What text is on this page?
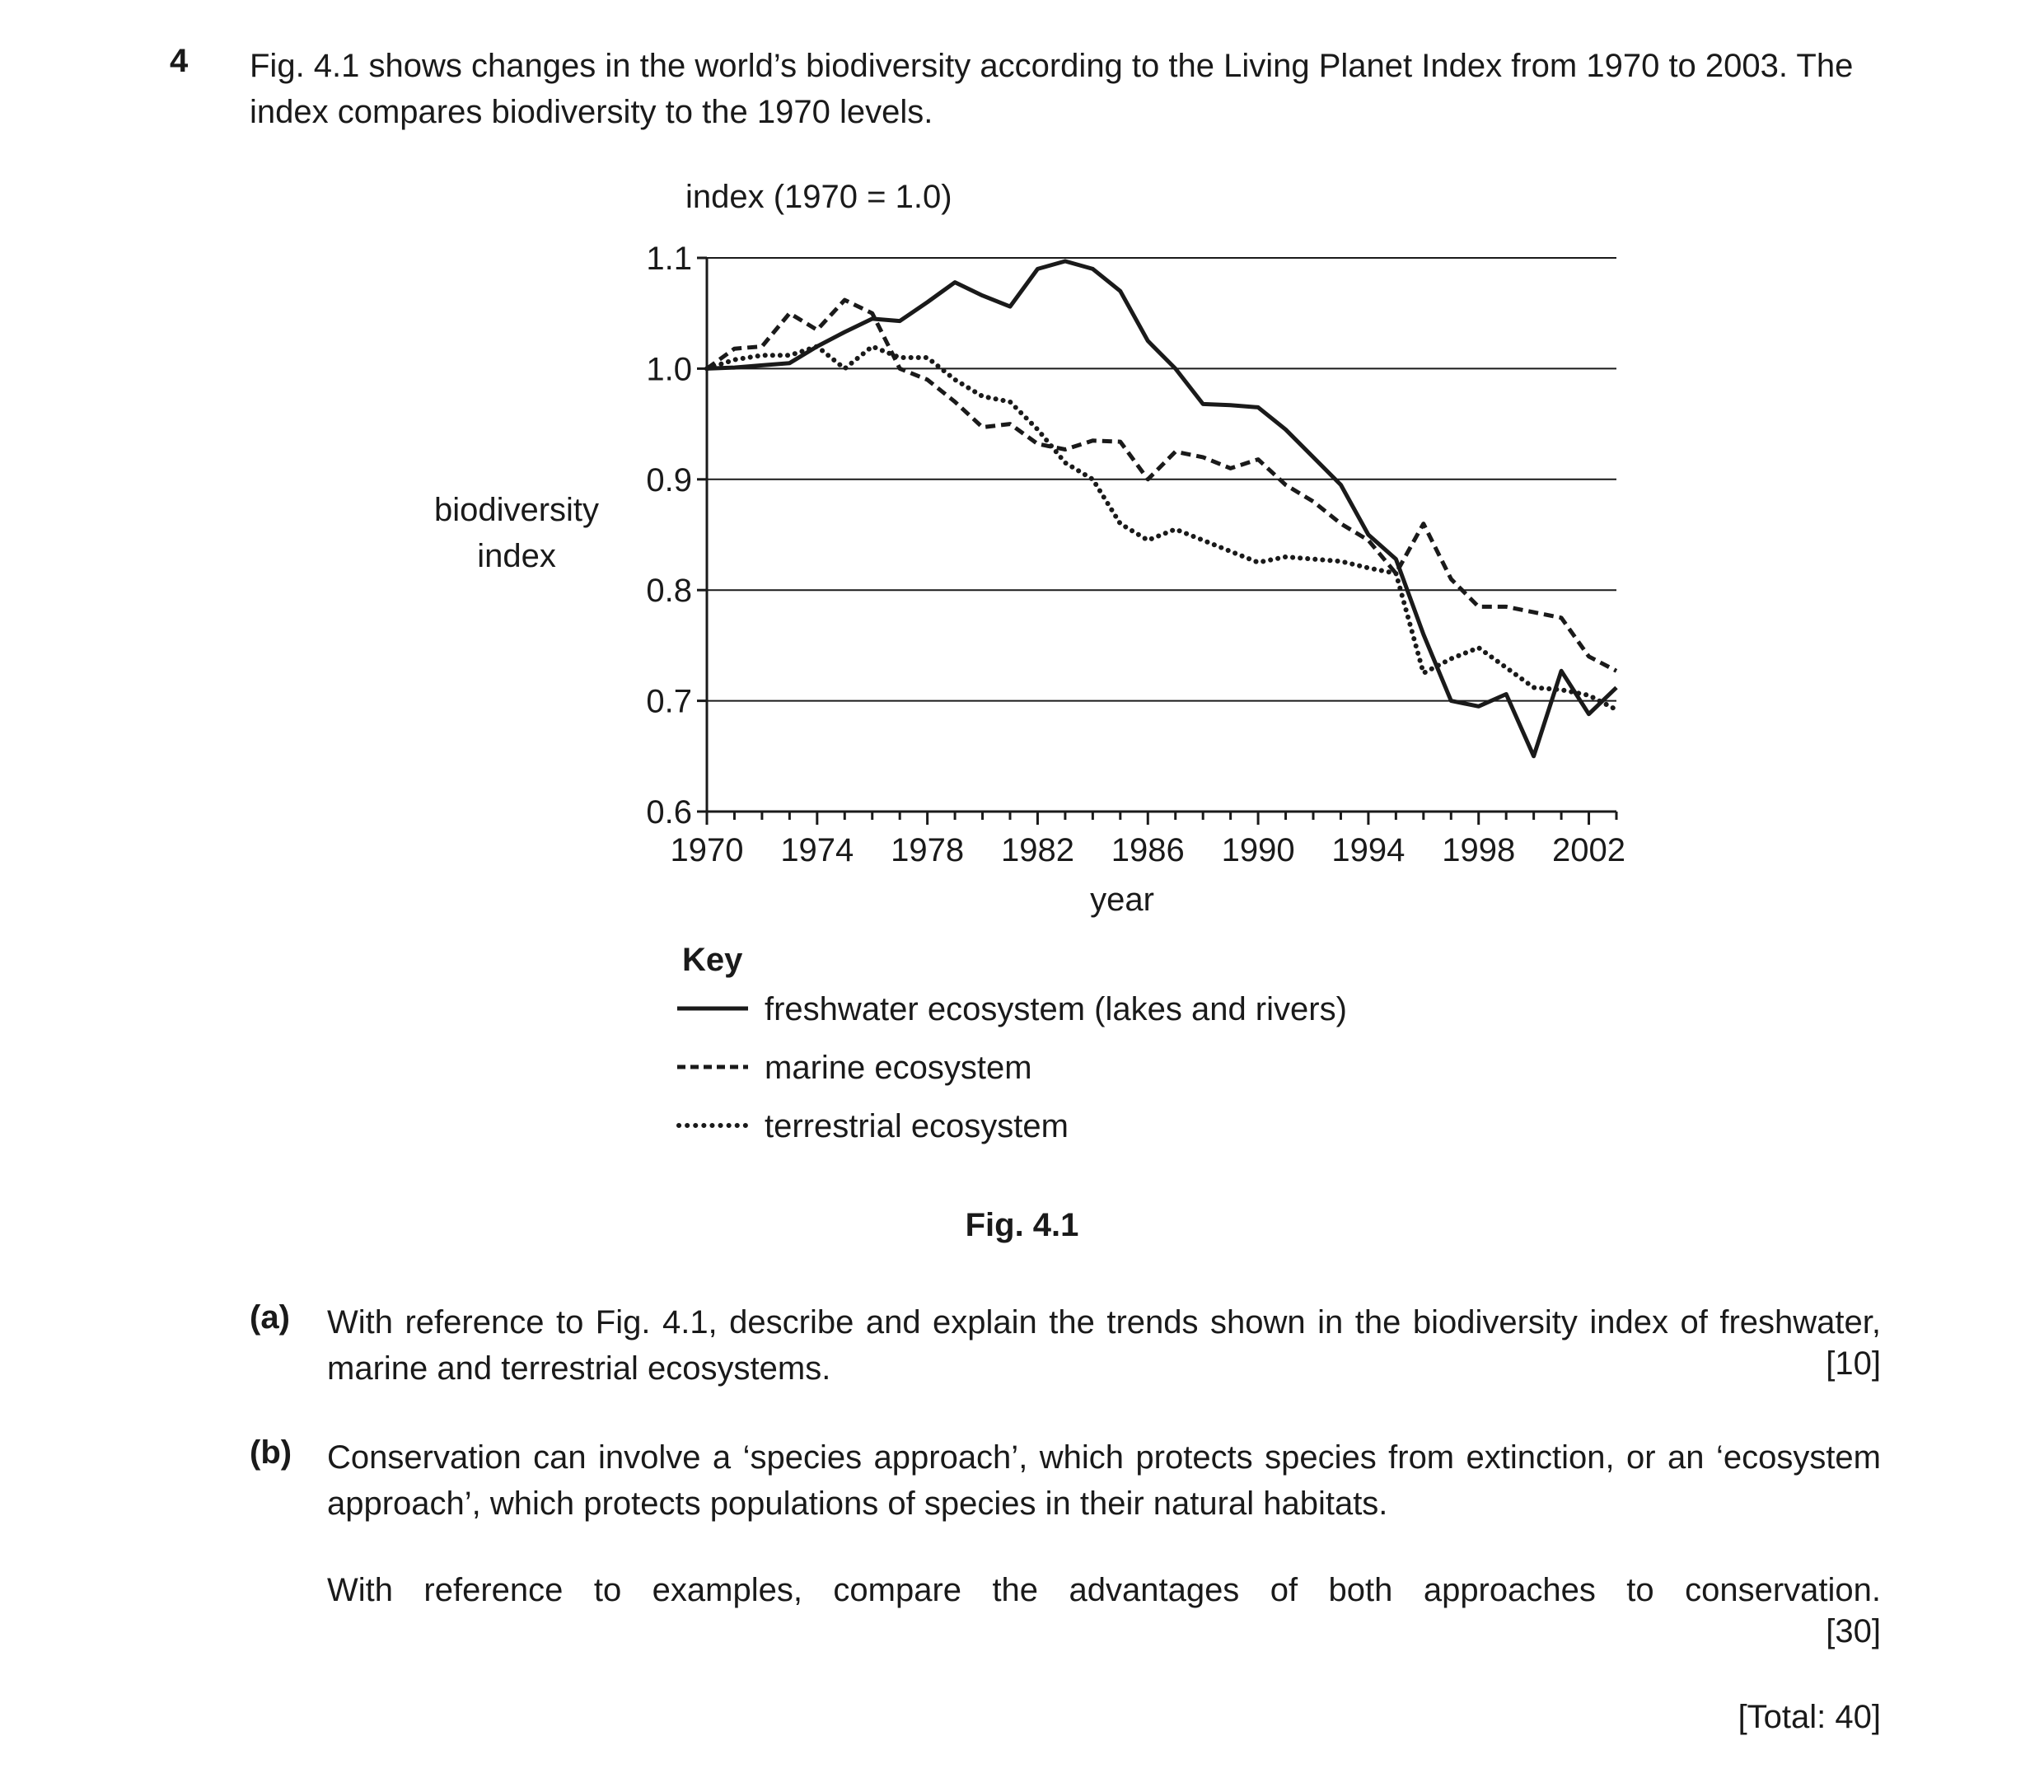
4 Fig. 4.1 shows changes in the world’s biodiversity according to the Living Planet Index from 1970 to 2003. The index compares biodiversity to the 1970 levels.
index (1970 = 1.0)
biodiversity
index
0.6
0.7
0.8
0.9
1.0
1.1
1970 1974 1978 1982 1986 1990 1994 1998 2002
year
Key
freshwater ecosystem (lakes and rivers)
marine ecosystem
terrestrial ecosystem
Fig. 4.1
(a) With reference to Fig. 4.1, describe and explain the trends shown in the biodiversity index of freshwater, marine and terrestrial ecosystems.	[10]
(b) Conservation can involve a ‘species approach’, which protects species from extinction, or an ‘ecosystem approach’, which protects populations of species in their natural habitats.
With reference to examples, compare the advantages of both approaches to conservation.
[30]
[Total: 40]
